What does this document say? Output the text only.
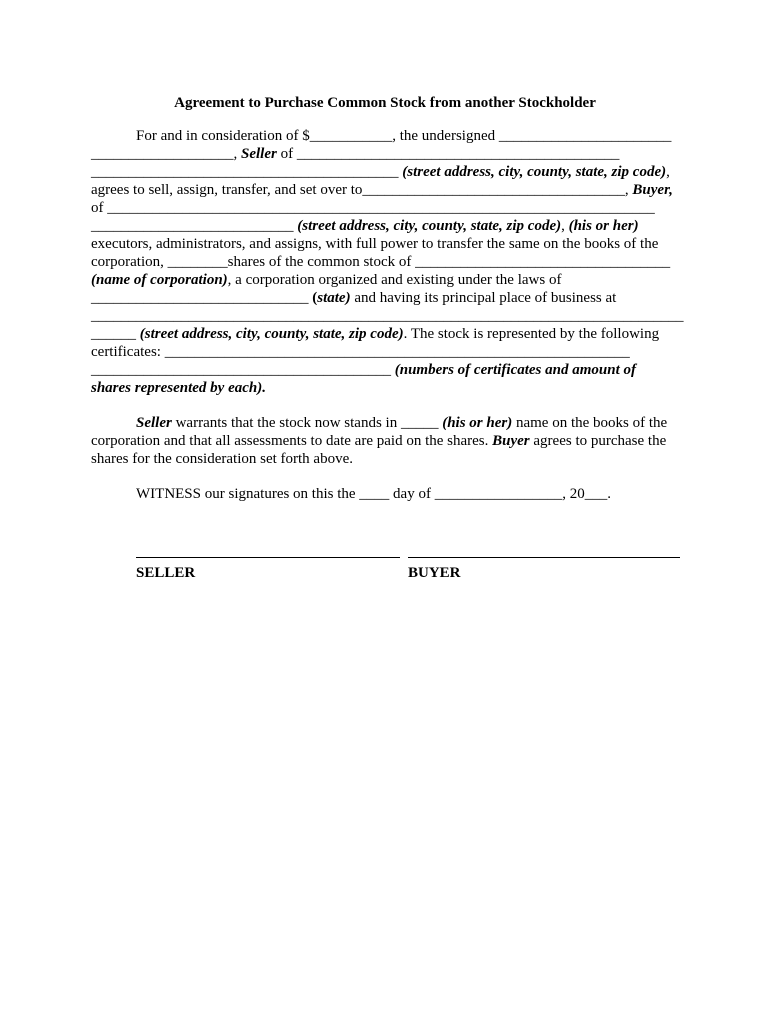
Agreement to Purchase Common Stock from another Stockholder
For and in consideration of $___________, the undersigned _______________________
___________________, Seller of ___________________________________________
_________________________________________ (street address, city, county, state, zip code),
agrees to sell, assign, transfer, and set over to___________________________________, Buyer,
of _________________________________________________________________________
___________________________ (street address, city, county, state, zip code), (his or her)
executors, administrators, and assigns, with full power to transfer the same on the books of the
corporation, ________shares of the common stock of __________________________________
(name of corporation), a corporation organized and existing under the laws of
_____________________________ (state) and having its principal place of business at
_______________________________________________________________________________
______ (street address, city, county, state, zip code). The stock is represented by the following
certificates: ______________________________________________________________
________________________________________ (numbers of certificates and amount of
shares represented by each).
Seller warrants that the stock now stands in _____ (his or her) name on the books of the
corporation and that all assessments to date are paid on the shares. Buyer agrees to purchase the
shares for the consideration set forth above.
WITNESS our signatures on this the ____ day of _________________, 20___.
SELLER	BUYER
